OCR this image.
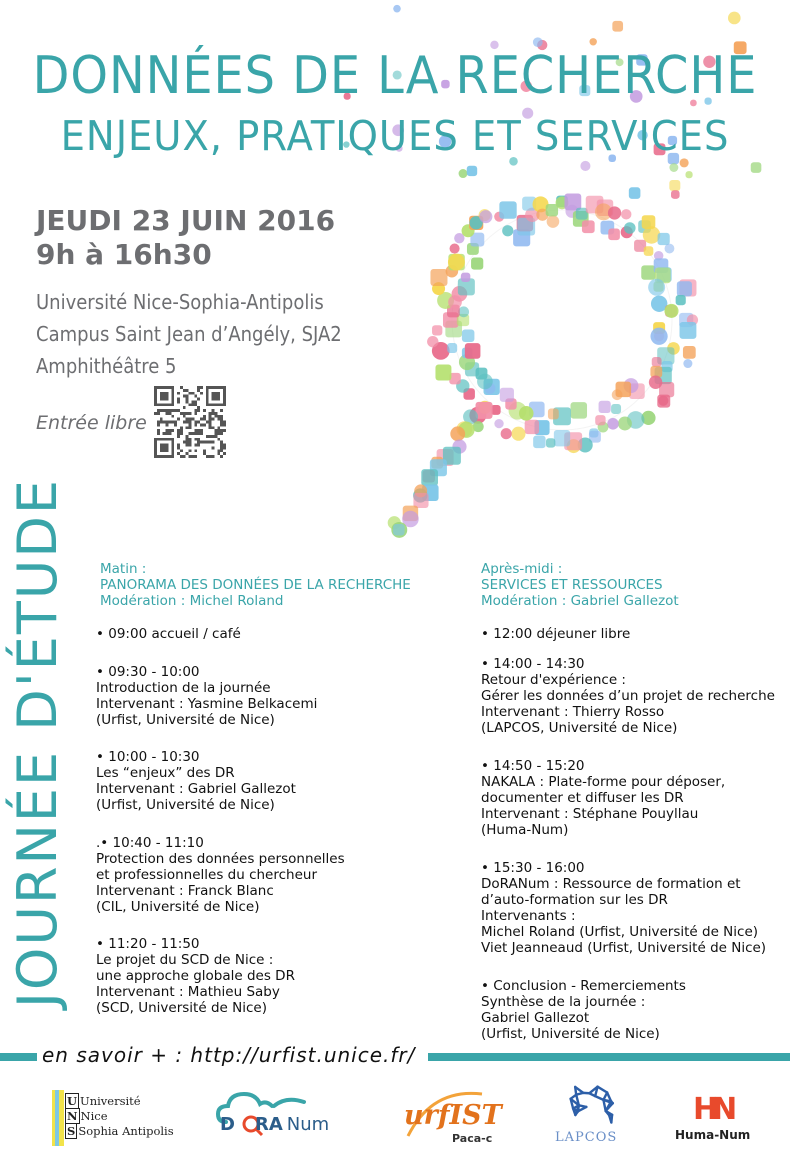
DONNÉES DE LA RECHERCHE
ENJEUX, PRATIQUES ET SERVICES
JEUDI 23 JUIN 2016
9h à 16h30
Université Nice-Sophia-Antipolis
Campus Saint Jean d’Angély, SJA2
Amphithéâtre 5
Entrée libre
JOURNÉE D'ÉTUDE Matin :
PANORAMA DES DONNÉES DE LA RECHERCHE
Modération : Michel Roland
• 09:00 accueil / café
• 09:30 - 10:00
Introduction de la journée
Intervenant : Yasmine Belkacemi
(Urfist, Université de Nice)
• 10:00 - 10:30
Les “enjeux” des DR
Intervenant : Gabriel Gallezot
(Urfist, Université de Nice)
.• 10:40 - 11:10
Protection des données personnelles
et professionnelles du chercheur
Intervenant : Franck Blanc
(CIL, Université de Nice)
• 11:20 - 11:50
Le projet du SCD de Nice :
une approche globale des DR
Intervenant : Mathieu Saby
(SCD, Université de Nice)
Après-midi :
SERVICES ET RESSOURCES
Modération : Gabriel Gallezot
• 12:00 déjeuner libre
• 14:00 - 14:30
Retour d'expérience :
Gérer les données d’un projet de recherche
Intervenant : Thierry Rosso
(LAPCOS, Université de Nice)
• 14:50 - 15:20
NAKALA : Plate-forme pour déposer,
documenter et diffuser les DR
Intervenant : Stéphane Pouyllau
(Huma-Num)
• 15:30 - 16:00
DoRANum : Ressource de formation et
d’auto-formation sur les DR
Intervenants :
Michel Roland (Urfist, Université de Nice)
Viet Jeanneaud (Urfist, Université de Nice)
• Conclusion - Remerciements
Synthèse de la journée :
Gabriel Gallezot
(Urfist, Université de Nice)
en savoir + : http://urfist.unice.fr/
U Université
N Nice
S Sophia Antipolis	D RA Num	urfIST
Paca-c	LAPCOS
HN
Huma-Num
